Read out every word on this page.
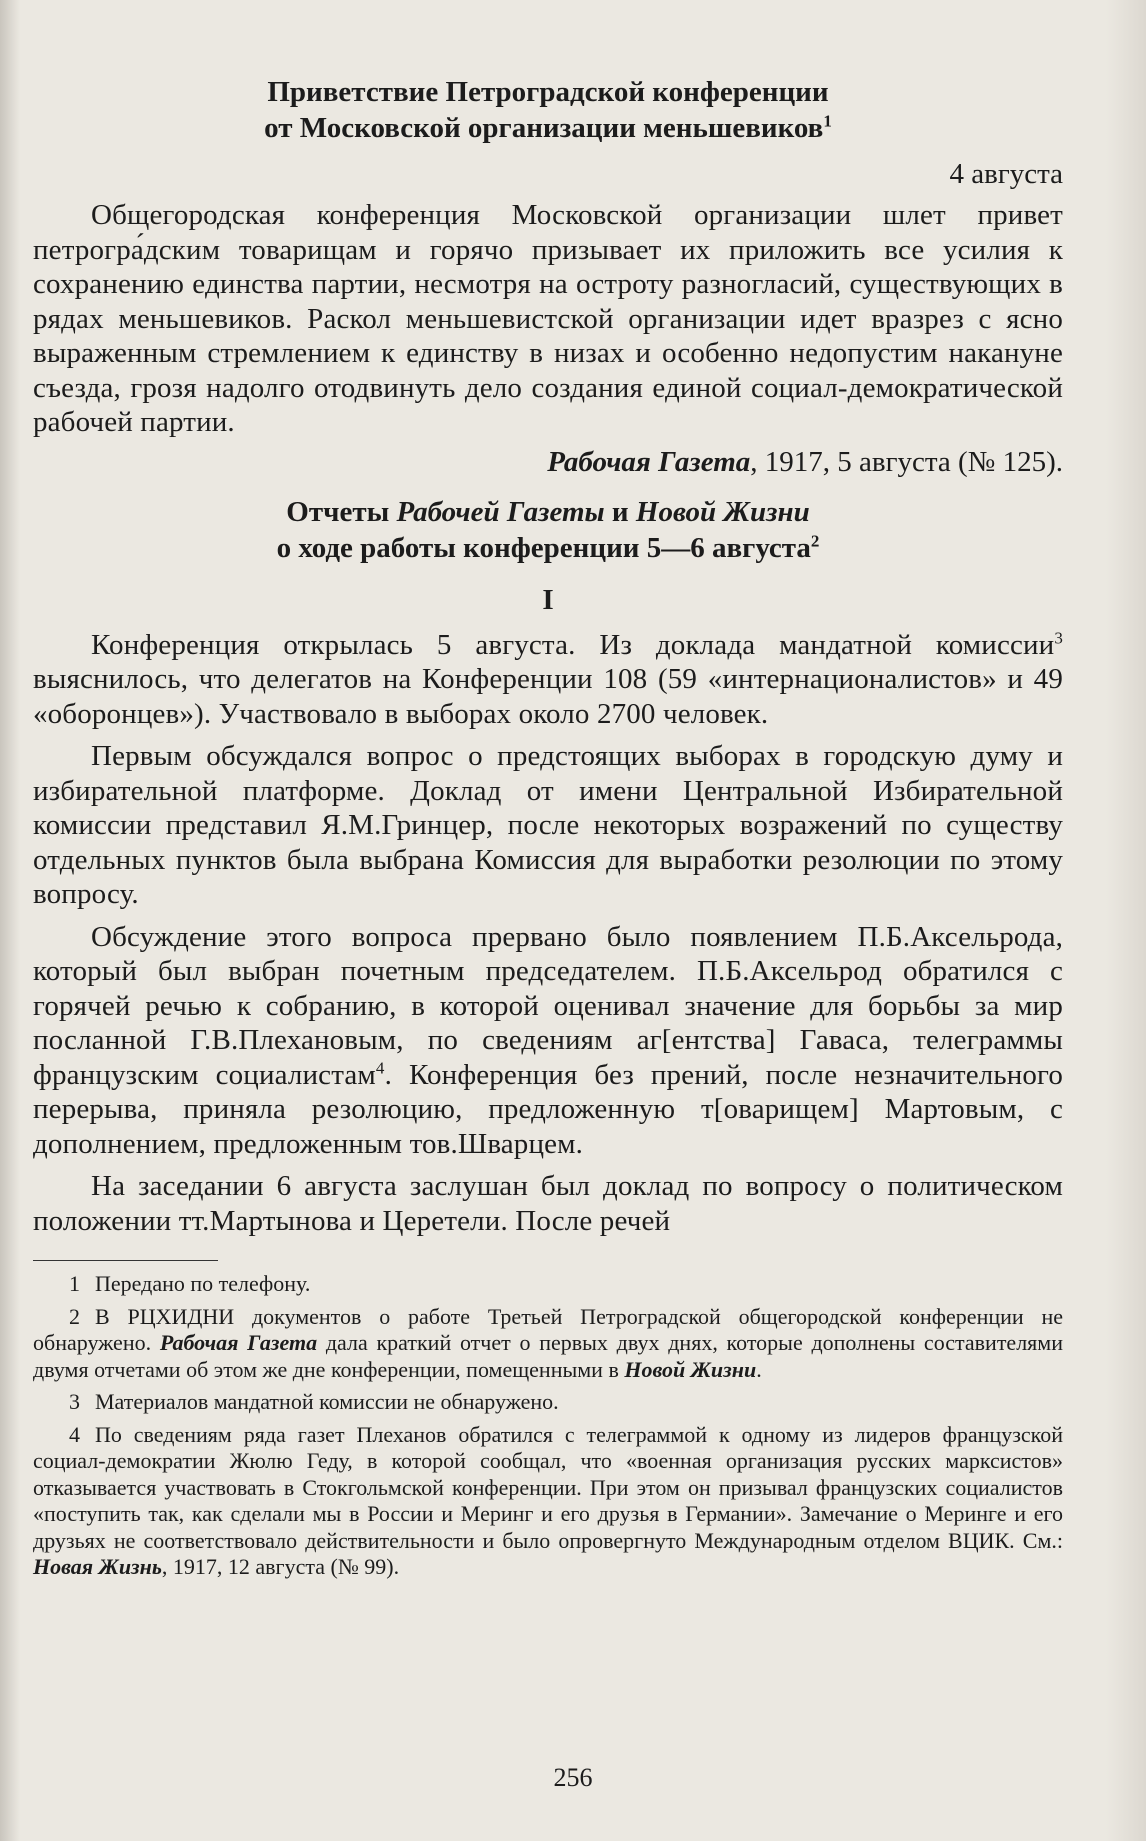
Приветствие Петроградской конференции
от Московской организации меньшевиков$^1$

4 августа

Общегородская конференция Московской организации шлет привет петрогра́дским товарищам и горячо призывает их приложить все усилия к сохранению единства партии, несмотря на остроту разногласий, существующих в рядах меньшевиков. Раскол меньшевистской организации идет вразрез с ясно выраженным стремлением к единству в низах и особенно недопустим накануне съезда, грозя надолго отодвинуть дело создания единой социал-демократической рабочей партии.

Рабочая Газета, 1917, 5 августа (№ 125).

Отчеты Рабочей Газеты и Новой Жизни
о ходе работы конференции 5—6 августа$^2$

I

Конференция открылась 5 августа. Из доклада мандатной комиссии$^3$ выяснилось, что делегатов на Конференции 108 (59 «интернационалистов» и 49 «оборонцев»). Участвовало в выборах около 2700 человек.

Первым обсуждался вопрос о предстоящих выборах в городскую думу и избирательной платформе. Доклад от имени Центральной Избирательной комиссии представил Я.М.Гринцер, после некоторых возражений по существу отдельных пунктов была выбрана Комиссия для выработки резолюции по этому вопросу.

Обсуждение этого вопроса прервано было появлением П.Б.Аксельрода, который был выбран почетным председателем. П.Б.Аксельрод обратился с горячей речью к собранию, в которой оценивал значение для борьбы за мир посланной Г.В.Плехановым, по сведениям аг[ентства] Гаваса, телеграммы французским социалистам$^4$. Конференция без прений, после незначительного перерыва, приняла резолюцию, предложенную т[оварищем] Мартовым, с дополнением, предложенным тов.Шварцем.

На заседании 6 августа заслушан был доклад по вопросу о политическом положении тт.Мартынова и Церетели. После речей

1 Передано по телефону.

2 В РЦХИДНИ документов о работе Третьей Петроградской общегородской конференции не обнаружено. Рабочая Газета дала краткий отчет о первых двух днях, которые дополнены составителями двумя отчетами об этом же дне конференции, помещенными в Новой Жизни.

3 Материалов мандатной комиссии не обнаружено.

4 По сведениям ряда газет Плеханов обратился с телеграммой к одному из лидеров французской социал-демократии Жюлю Геду, в которой сообщал, что «военная организация русских марксистов» отказывается участвовать в Стокгольмской конференции. При этом он призывал французских социалистов «поступить так, как сделали мы в России и Меринг и его друзья в Германии». Замечание о Меринге и его друзьях не соответствовало действительности и было опровергнуто Международным отделом ВЦИК. См.: Новая Жизнь, 1917, 12 августа (№ 99).

256
